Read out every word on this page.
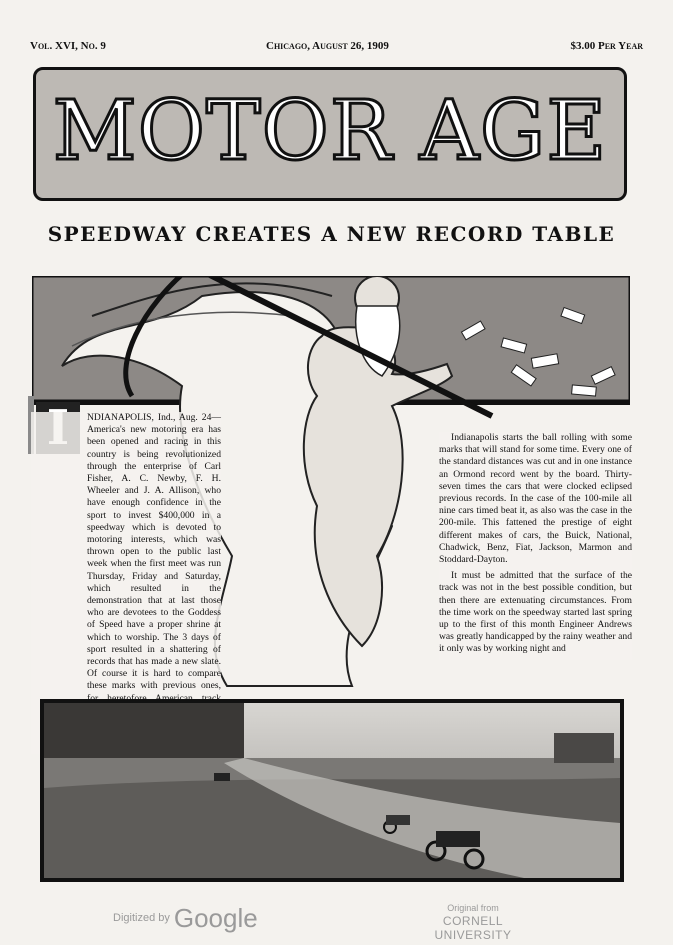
Vol. XVI, No. 9	Chicago, August 26, 1909	$3.00 Per Year
MOTOR AGE
SPEEDWAY CREATES A NEW RECORD TABLE

NDIANAPOLIS, Ind., Aug. 24—America's new motoring era has been opened and racing in this country is being revolutionized through the enterprise of Carl Fisher, A. C. Newby, F. H. Wheeler and J. A. Allison, who have enough confidence in the sport to invest $400,000 in a speedway which is devoted to motoring interests, which was thrown open to the public last week when the first meet was run Thursday, Friday and Saturday, which resulted in the demonstration that at last those who are devotees to the Goddess of Speed have a proper shrine at which to worship. The 3 days of sport resulted in a shattering of records that has made a new slate. Of course it is hard to compare these marks with previous ones,

Indianapolis starts the ball rolling with some marks that will stand for some time. Every one of the standard distances was cut and in one instance an Ormond record went by the board. Thirty-seven times the cars that were clocked eclipsed previous records. In the case of the 100-mile all nine cars timed beat it, as also was the case in the 200-mile. This fattened the prestige of eight different makes of cars, the Buick, National, Chadwick, Benz, Fiat, Jackson, Marmon and Stoddard-Dayton.

It must be admitted that the surface of the track was not in the best possible condition, but then there are extenuating circumstances. From the time work on the speedway started last spring up to the first of this month Engineer Andrews was greatly handicapped by the rainy weather and it only was by working night and

Digitized by Google	Original from
CORNELL UNIVERSITY
